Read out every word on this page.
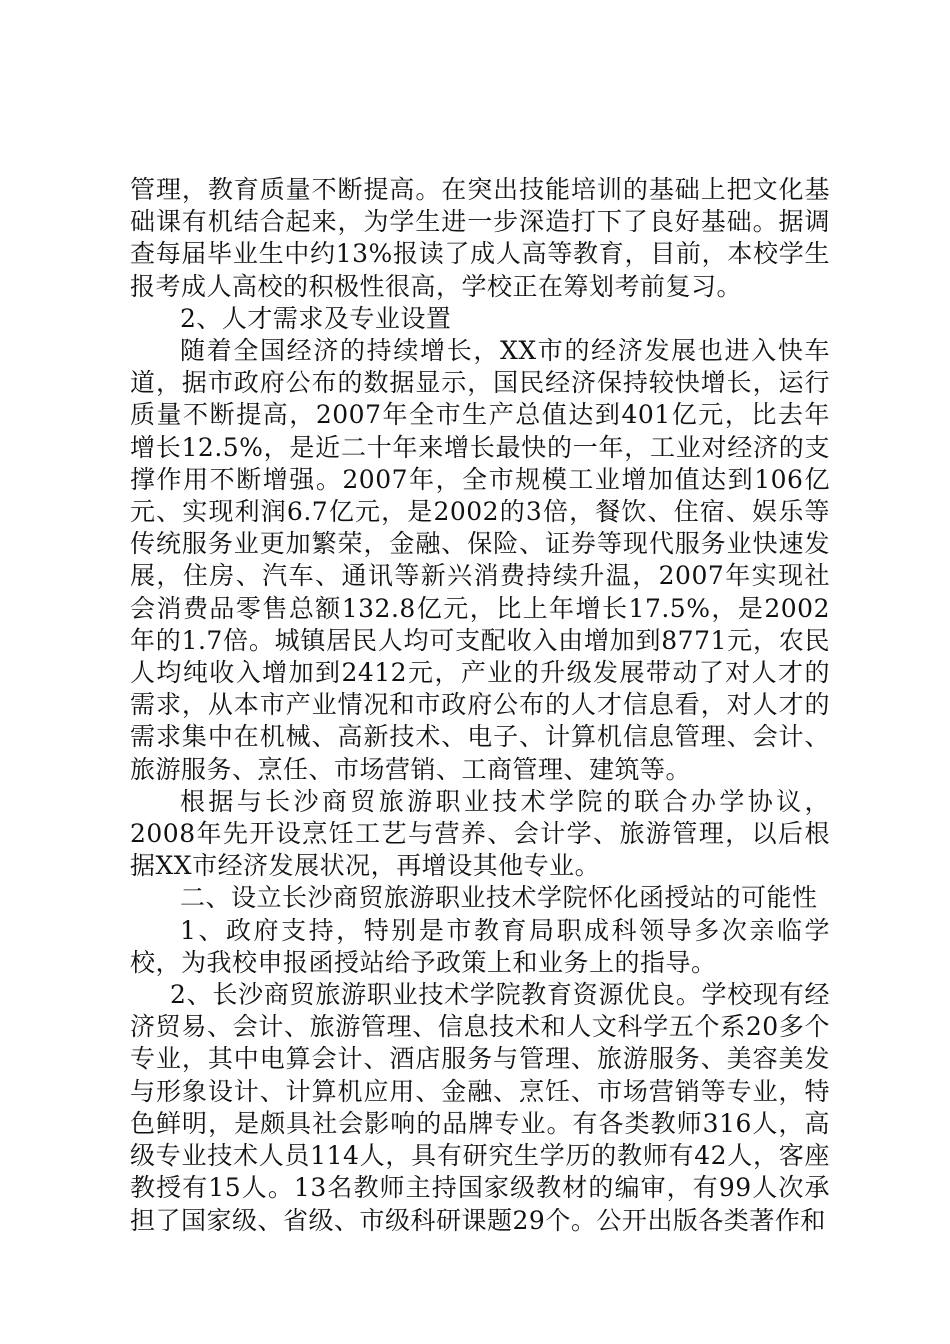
管理，教育质量不断提高。在突出技能培训的基础上把文化基础课有机结合起来，为学生进一步深造打下了良好基础。据调查每届毕业生中约13%报读了成人高等教育，目前，本校学生报考成人高校的积极性很高，学校正在筹划考前复习。

2、人才需求及专业设置

随着全国经济的持续增长，XX市的经济发展也进入快车道，据市政府公布的数据显示，国民经济保持较快增长，运行质量不断提高，2007年全市生产总值达到401亿元，比去年增长12.5%，是近二十年来增长最快的一年，工业对经济的支撑作用不断增强。2007年，全市规模工业增加值达到106亿元、实现利润6.7亿元，是2002的3倍，餐饮、住宿、娱乐等传统服务业更加繁荣，金融、保险、证券等现代服务业快速发展，住房、汽车、通讯等新兴消费持续升温，2007年实现社会消费品零售总额132.8亿元，比上年增长17.5%，是2002年的1.7倍。城镇居民人均可支配收入由增加到8771元，农民人均纯收入增加到2412元，产业的升级发展带动了对人才的需求，从本市产业情况和市政府公布的人才信息看，对人才的需求集中在机械、高新技术、电子、计算机信息管理、会计、旅游服务、烹任、市场营销、工商管理、建筑等。

根据与长沙商贸旅游职业技术学院的联合办学协议，2008年先开设烹饪工艺与营养、会计学、旅游管理，以后根据XX市经济发展状况，再增设其他专业。

二、设立长沙商贸旅游职业技术学院怀化函授站的可能性

1、政府支持，特别是市教育局职成科领导多次亲临学校，为我校申报函授站给予政策上和业务上的指导。

2、长沙商贸旅游职业技术学院教育资源优良。学校现有经济贸易、会计、旅游管理、信息技术和人文科学五个系20多个专业，其中电算会计、酒店服务与管理、旅游服务、美容美发与形象设计、计算机应用、金融、烹饪、市场营销等专业，特色鲜明，是颇具社会影响的品牌专业。有各类教师316人，高级专业技术人员114人，具有研究生学历的教师有42人，客座教授有15人。13名教师主持国家级教材的编审，有99人次承担了国家级、省级、市级科研课题29个。公开出版各类著作和
